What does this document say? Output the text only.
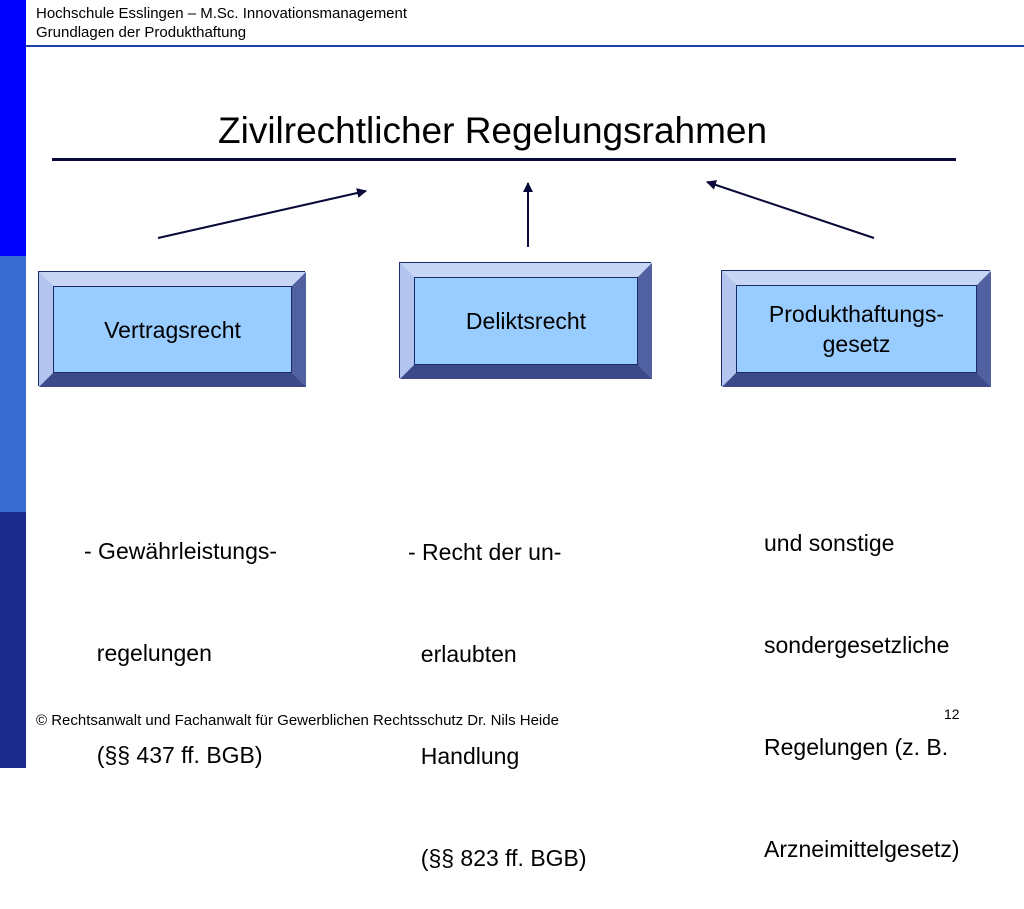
Hochschule Esslingen – M.Sc. Innovationsmanagement
Grundlagen der Produkthaftung
Zivilrechtlicher Regelungsrahmen
Vertragsrecht	Deliktsrecht	Produkthaftungs-
gesetz

- Gewährleistungs-

regelungen

(§§ 437 ff. BGB)

- Recht der un-

erlaubten

Handlung

(§§ 823 ff. BGB)

und sonstige

sondergesetzliche

Regelungen (z. B.

Arzneimittelgesetz)

© Rechtsanwalt und Fachanwalt für Gewerblichen Rechtsschutz Dr. Nils Heide	12
